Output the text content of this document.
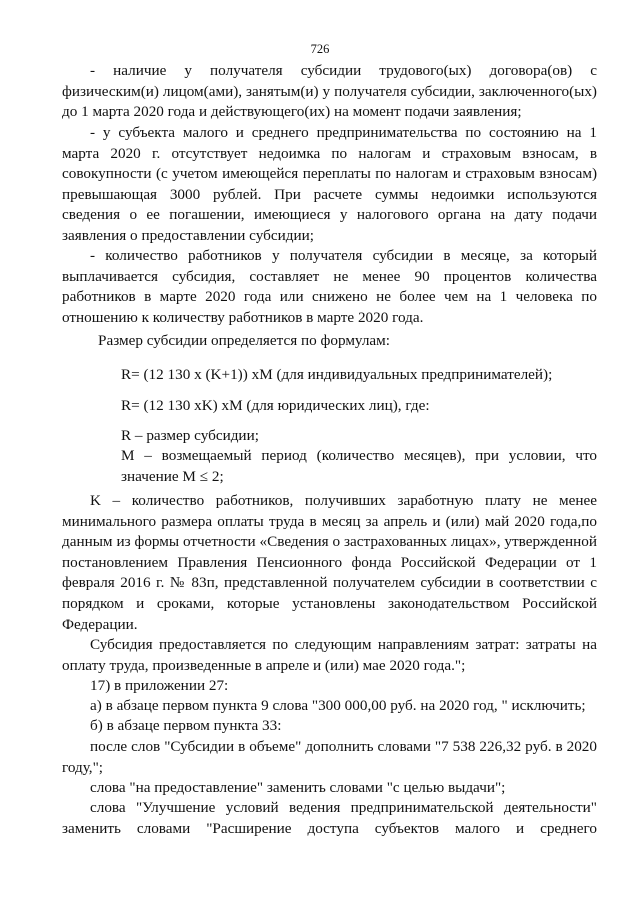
726
- наличие у получателя субсидии трудового(ых) договора(ов) с
физическим(и) лицом(ами), занятым(и) у получателя субсидии, заключенного(ых)
до 1 марта 2020 года и действующего(их) на момент подачи заявления;
- у субъекта малого и среднего предпринимательства по состоянию на 1
марта 2020 г. отсутствует недоимка по налогам и страховым взносам, в
совокупности (с учетом имеющейся переплаты по налогам и страховым взносам)
превышающая 3000 рублей. При расчете суммы недоимки используются
сведения о ее погашении, имеющиеся у налогового органа на дату подачи
заявления о предоставлении субсидии;
- количество работников у получателя субсидии в месяце, за который
выплачивается субсидия, составляет не менее 90 процентов количества
работников в марте 2020 года или снижено не более чем на 1 человека по
отношению к количеству работников в марте 2020 года.
Размер субсидии определяется по формулам:
R= (12 130 х (K+1)) хM (для индивидуальных предпринимателей);
R= (12 130 хK) хM (для юридических лиц), где:
R – размер субсидии;
М – возмещаемый период (количество месяцев), при условии, что
значение M ≤ 2;
K – количество работников, получивших заработную плату не менее
минимального размера оплаты труда в месяц за апрель и (или) май 2020 года,по
данным из формы отчетности «Сведения о застрахованных лицах», утвержденной
постановлением Правления Пенсионного фонда Российской Федерации от 1
февраля 2016 г. № 83п, представленной получателем субсидии в соответствии с
порядком и сроками, которые установлены законодательством Российской
Федерации.
Субсидия предоставляется по следующим направлениям затрат: затраты на
оплату труда, произведенные в апреле и (или) мае 2020 года.";
17) в приложении 27:
а) в абзаце первом пункта 9 слова "300 000,00 руб. на 2020 год, " исключить;
б) в абзаце первом пункта 33:
после слов "Субсидии в объеме" дополнить словами "7 538 226,32 руб. в 2020
году,";
слова "на предоставление" заменить словами "с целью выдачи";
слова "Улучшение условий ведения предпринимательской деятельности"
заменить словами "Расширение доступа субъектов малого и среднего
